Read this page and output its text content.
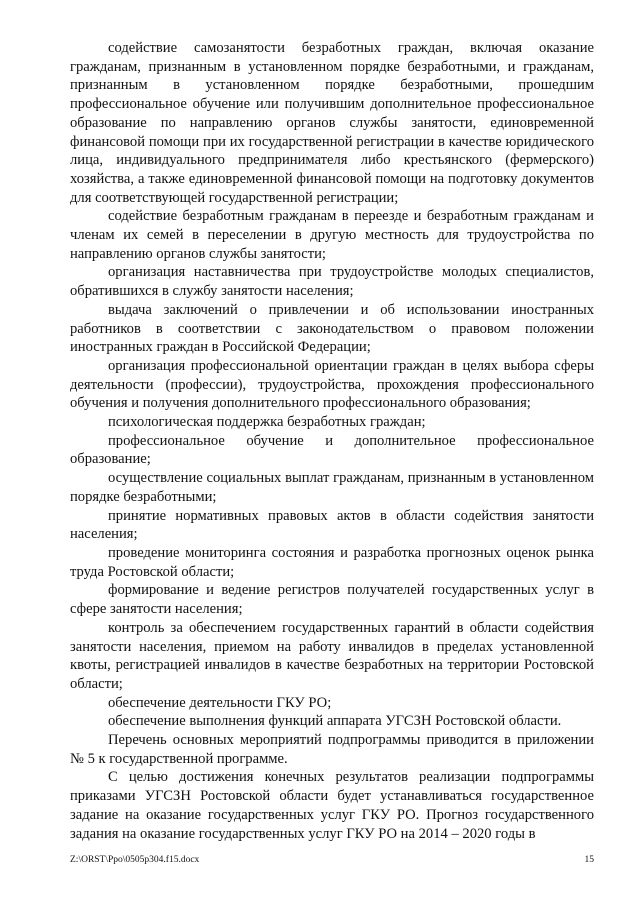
содействие самозанятости безработных граждан, включая оказание гражданам, признанным в установленном порядке безработными, и гражданам, признанным в установленном порядке безработными, прошедшим профессиональное обучение или получившим дополнительное профессиональное образование по направлению органов службы занятости, единовременной финансовой помощи при их государственной регистрации в качестве юридического лица, индивидуального предпринимателя либо крестьянского (фермерского) хозяйства, а также единовременной финансовой помощи на подготовку документов для соответствующей государственной регистрации;

содействие безработным гражданам в переезде и безработным гражданам и членам их семей в переселении в другую местность для трудоустройства по направлению органов службы занятости;

организация наставничества при трудоустройстве молодых специалистов, обратившихся в службу занятости населения;

выдача заключений о привлечении и об использовании иностранных работников в соответствии с законодательством о правовом положении иностранных граждан в Российской Федерации;

организация профессиональной ориентации граждан в целях выбора сферы деятельности (профессии), трудоустройства, прохождения профессионального обучения и получения дополнительного профессионального образования;

психологическая поддержка безработных граждан;

профессиональное обучение и дополнительное профессиональное образование;

осуществление социальных выплат гражданам, признанным в установленном порядке безработными;

принятие нормативных правовых актов в области содействия занятости населения;

проведение мониторинга состояния и разработка прогнозных оценок рынка труда Ростовской области;

формирование и ведение регистров получателей государственных услуг в сфере занятости населения;

контроль за обеспечением государственных гарантий в области содействия занятости населения, приемом на работу инвалидов в пределах установленной квоты, регистрацией инвалидов в качестве безработных на территории Ростовской области;

обеспечение деятельности ГКУ РО;

обеспечение выполнения функций аппарата УГСЗН Ростовской области.

Перечень основных мероприятий подпрограммы приводится в приложении № 5 к государственной программе.

С целью достижения конечных результатов реализации подпрограммы приказами УГСЗН Ростовской области будет устанавливаться государственное задание на оказание государственных услуг ГКУ РО. Прогноз государственного задания на оказание государственных услуг ГКУ РО на 2014 – 2020 годы в

Z:\ORST\Ppo\0505p304.f15.docx	15
